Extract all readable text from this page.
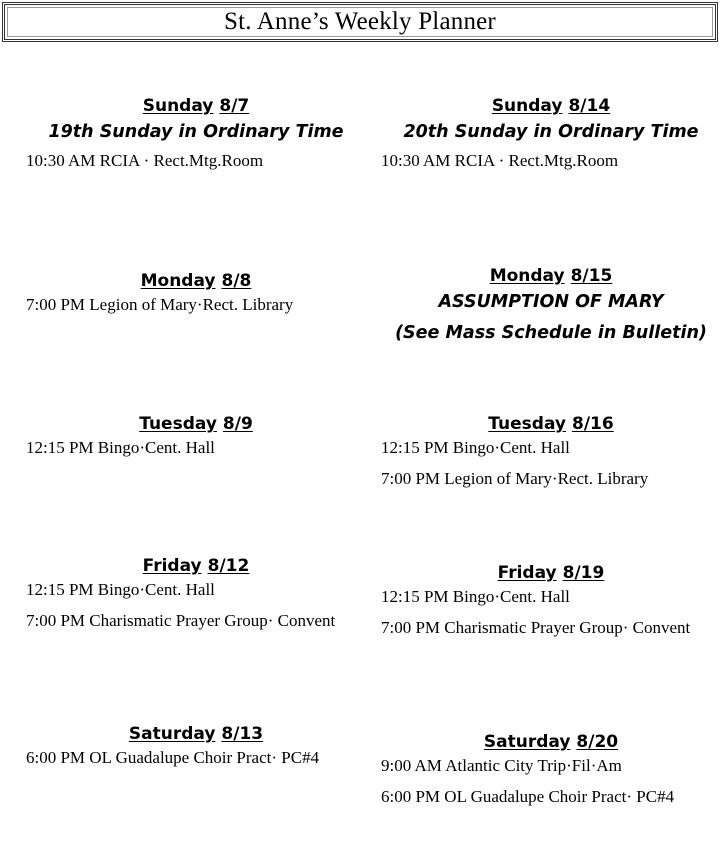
St. Anne’s Weekly Planner
Sunday 8/7
19th Sunday in Ordinary Time
10:30 AM RCIA · Rect.Mtg.Room
Monday 8/8
7:00 PM Legion of Mary·Rect. Library
Tuesday 8/9
12:15 PM Bingo·Cent. Hall
Friday 8/12
12:15 PM Bingo·Cent. Hall
7:00 PM Charismatic Prayer Group· Convent
Saturday 8/13
6:00 PM OL Guadalupe Choir Pract· PC#4
Sunday 8/14
20th Sunday in Ordinary Time
10:30 AM RCIA · Rect.Mtg.Room
Monday 8/15
ASSUMPTION OF MARY
(See Mass Schedule in Bulletin)
Tuesday 8/16
12:15 PM Bingo·Cent. Hall
7:00 PM Legion of Mary·Rect. Library
Friday 8/19
12:15 PM Bingo·Cent. Hall
7:00 PM Charismatic Prayer Group· Convent
Saturday 8/20
9:00 AM Atlantic City Trip·Fil·Am
6:00 PM OL Guadalupe Choir Pract· PC#4
